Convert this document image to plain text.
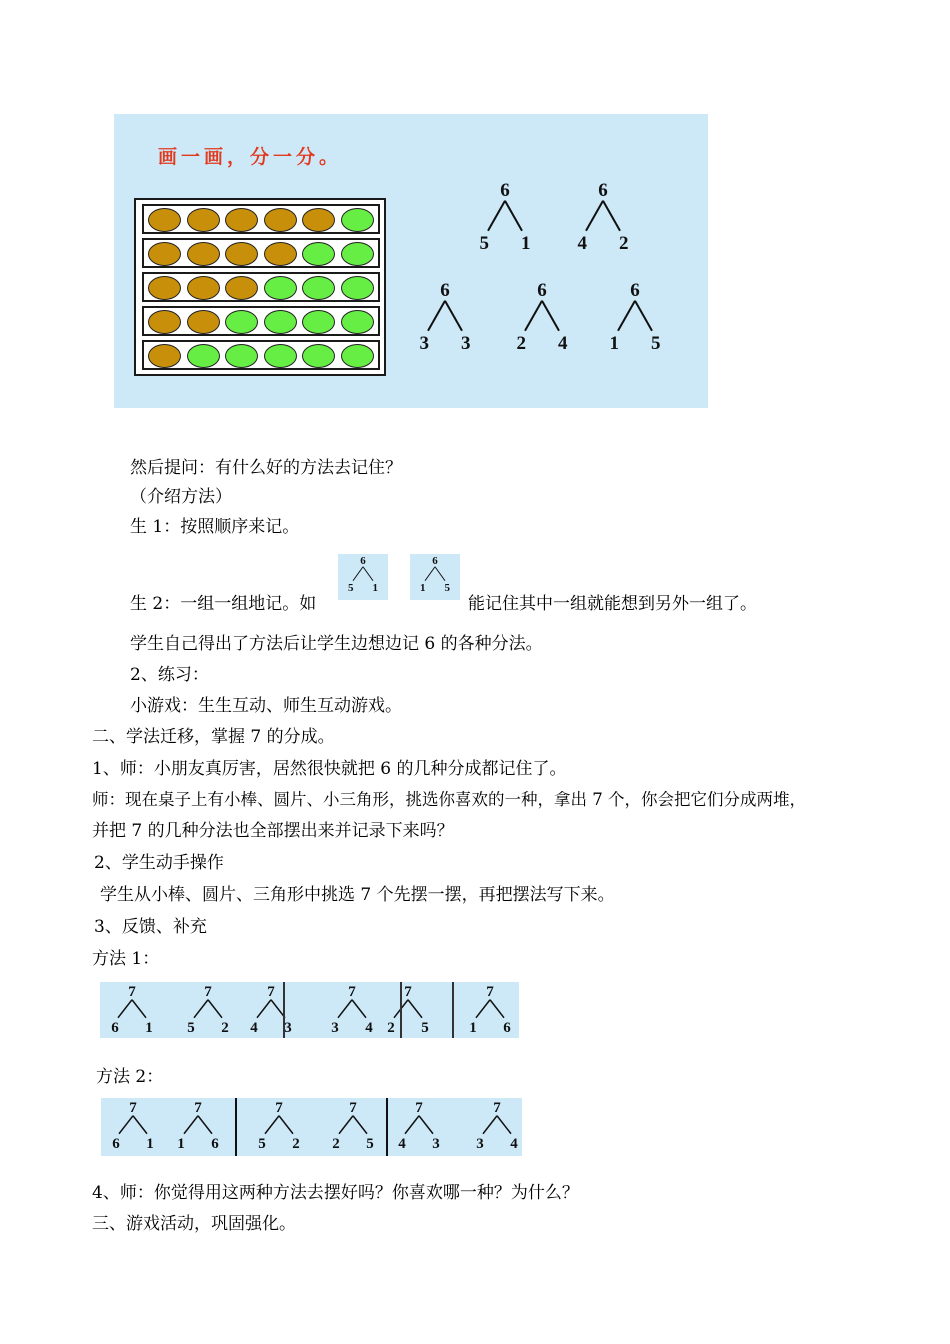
画一画，分一分。
6
5 1
6
4 2
6
3 3
6
2 4
6
1 5
然后提问：有什么好的方法去记住？
（介绍方法）
生 1：按照顺序来记。
生 2：一组一组地记。如
6
5 1
6
1 5
能记住其中一组就能想到另外一组了。
学生自己得出了方法后让学生边想边记 6 的各种分法。
2、练习：
小游戏：生生互动、师生互动游戏。
二、学法迁移，掌握 7 的分成。
1、师：小朋友真厉害，居然很快就把 6 的几种分成都记住了。
师：现在桌子上有小棒、圆片、小三角形，挑选你喜欢的一种，拿出 7 个，你会把它们分成两堆，
并把 7 的几种分法也全部摆出来并记录下来吗？
2、学生动手操作
学生从小棒、圆片、三角形中挑选 7 个先摆一摆，再把摆法写下来。
3、反馈、补充
方法 1：
7
6 1
7
5 2
7
4 3
7
3 4
7
2 5
7
1 6
方法 2：
7
6 1
7
1 6
7
5 2
7
2 5
7
4 3
7
3 4
4、师：你觉得用这两种方法去摆好吗？你喜欢哪一种？为什么？
三、游戏活动，巩固强化。
